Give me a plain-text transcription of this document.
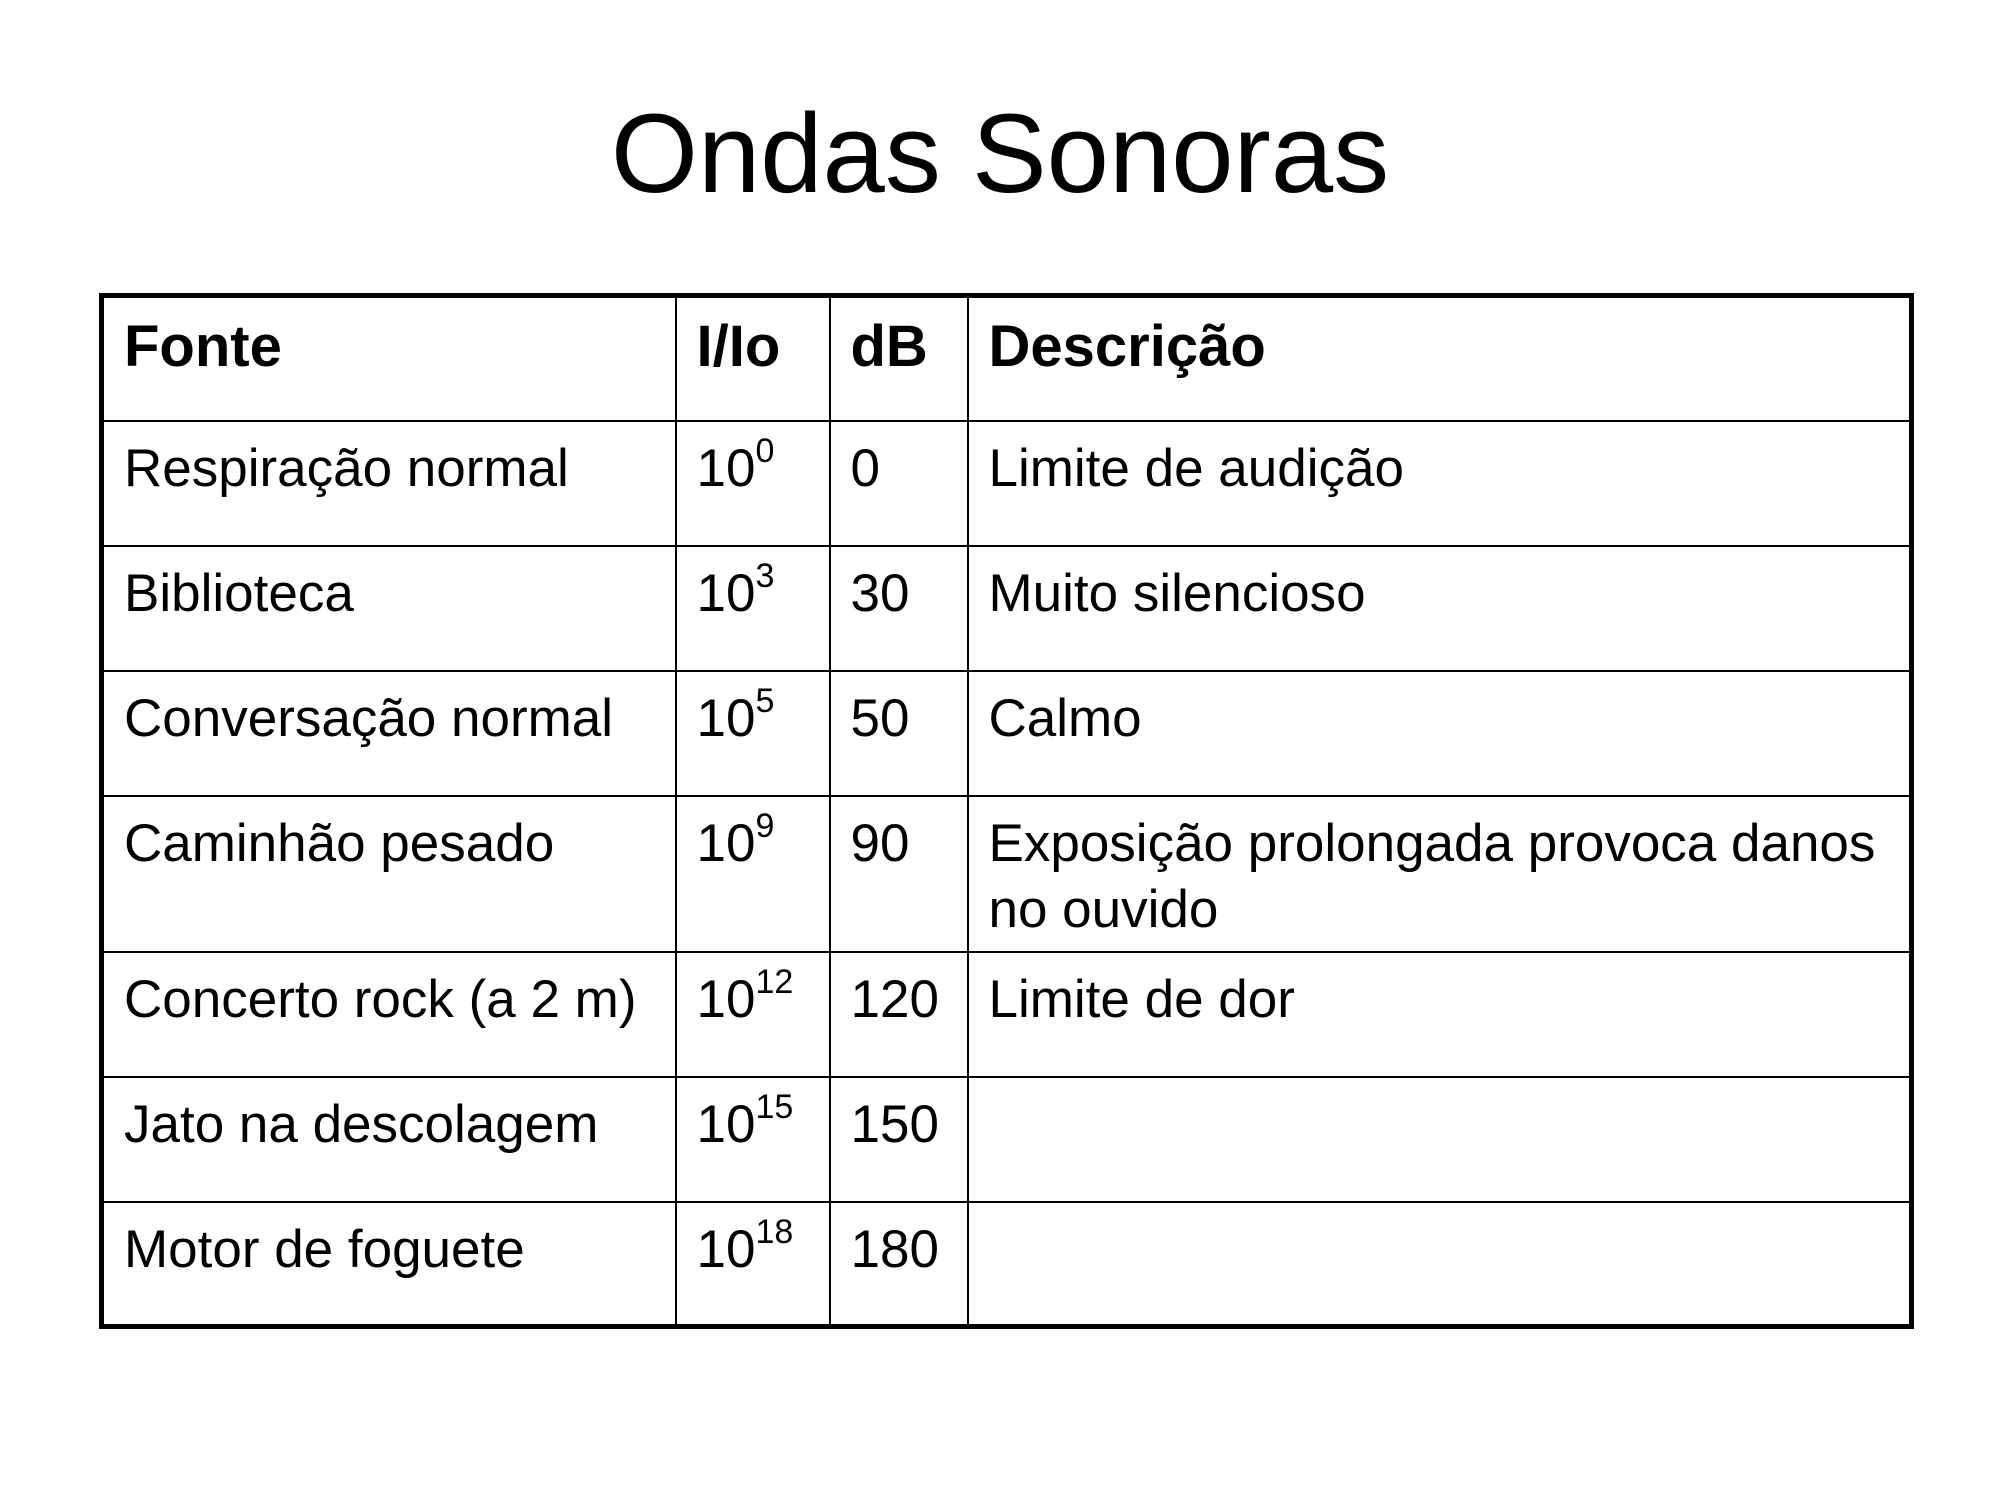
Ondas Sonoras
Fonte	I/Io	dB	Descrição
Respiração normal	$10^0$	0	Limite de audição
Biblioteca	$10^3$	30	Muito silencioso
Conversação normal	$10^5$	50	Calmo
Caminhão pesado	$10^9$	90	Exposição prolongada provoca danos no ouvido
Concerto rock (a 2 m)	$10^{12}$	120	Limite de dor
Jato na descolagem	$10^{15}$	150	
Motor de foguete	$10^{18}$	180	
